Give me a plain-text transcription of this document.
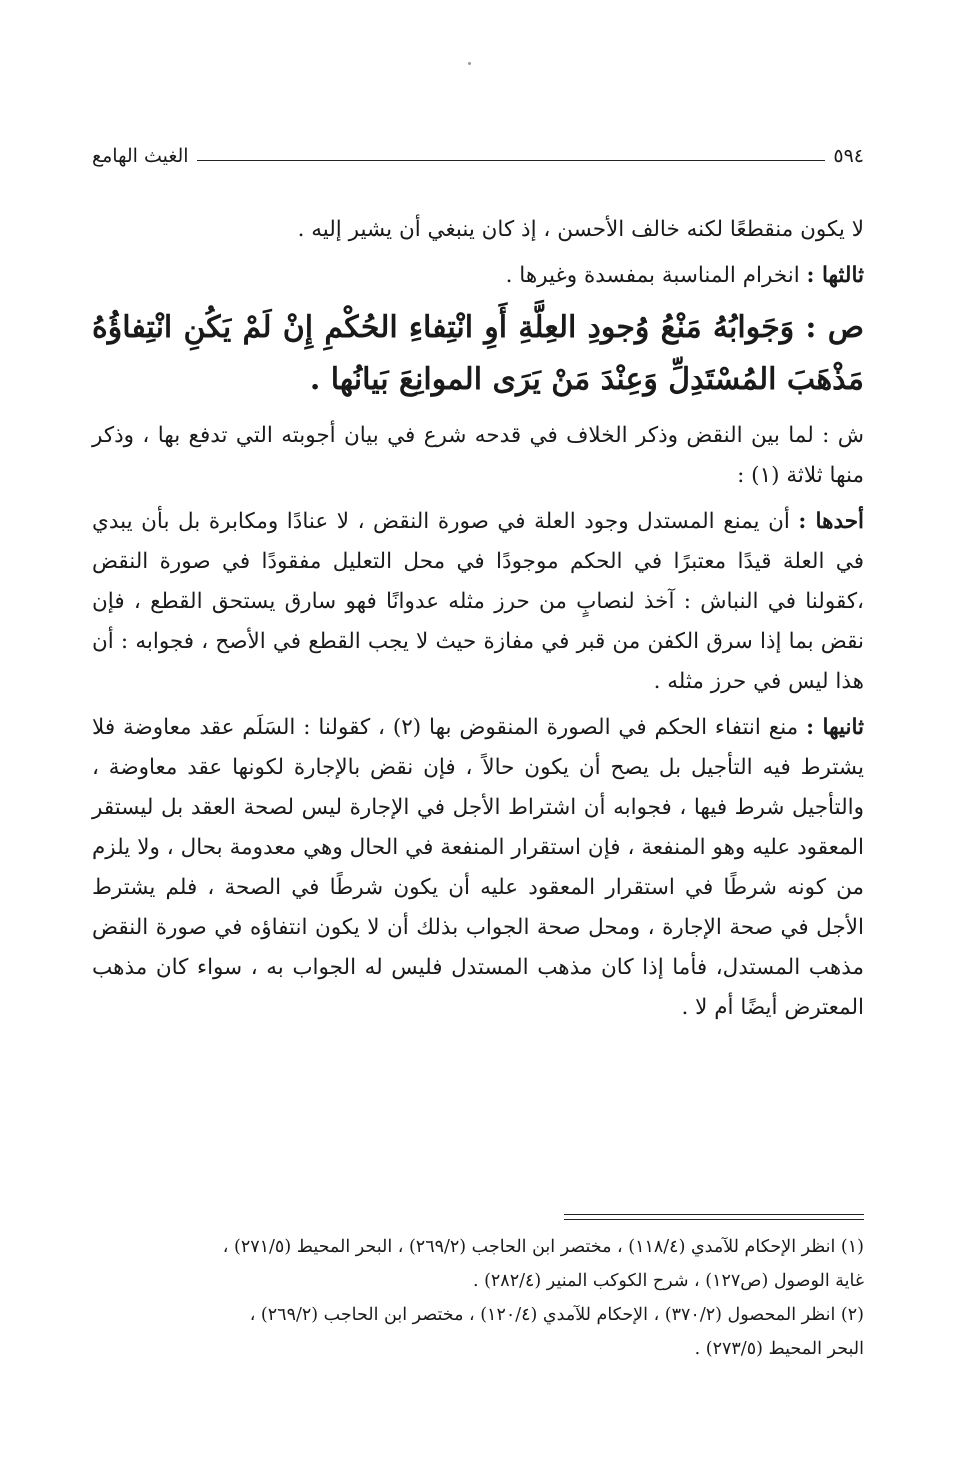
٥٩٤
الغيث الهامع

لا يكون منقطعًا لكنه خالف الأحسن ، إذ كان ينبغي أن يشير إليه .

ثالثها : انخرام المناسبة بمفسدة وغيرها .

ص : وَجَوابُهُ مَنْعُ وُجودِ العِلَّةِ أَوِ انْتِفاءِ الحُكْمِ إِنْ لَمْ يَكُنِ انْتِفاؤُهُ مَذْهَبَ المُسْتَدِلِّ وَعِنْدَ مَنْ يَرَى الموانِعَ بَيانُها .

ش : لما بين النقض وذكر الخلاف في قدحه شرع في بيان أجوبته التي تدفع بها ، وذكر منها ثلاثة (١) :

أحدها : أن يمنع المستدل وجود العلة في صورة النقض ، لا عنادًا ومكابرة بل بأن يبدي في العلة قيدًا معتبرًا في الحكم موجودًا في محل التعليل مفقودًا في صورة النقض ،كقولنا في النباش : آخذ لنصابٍ من حرز مثله عدوانًا فهو سارق يستحق القطع ، فإن نقض بما إذا سرق الكفن من قبر في مفازة حيث لا يجب القطع في الأصح ، فجوابه : أن هذا ليس في حرز مثله .

ثانيها : منع انتفاء الحكم في الصورة المنقوض بها (٢) ، كقولنا : السَلَم عقد معاوضة فلا يشترط فيه التأجيل بل يصح أن يكون حالاً ، فإن نقض بالإجارة لكونها عقد معاوضة ، والتأجيل شرط فيها ، فجوابه أن اشتراط الأجل في الإجارة ليس لصحة العقد بل ليستقر المعقود عليه وهو المنفعة ، فإن استقرار المنفعة في الحال وهي معدومة بحال ، ولا يلزم من كونه شرطًا في استقرار المعقود عليه أن يكون شرطًا في الصحة ، فلم يشترط الأجل في صحة الإجارة ، ومحل صحة الجواب بذلك أن لا يكون انتفاؤه في صورة النقض مذهب المستدل، فأما إذا كان مذهب المستدل فليس له الجواب به ، سواء كان مذهب المعترض أيضًا أم لا .

(١) انظر الإحكام للآمدي (١١٨/٤) ، مختصر ابن الحاجب (٢٦٩/٢) ، البحر المحيط (٢٧١/٥) ،

غاية الوصول (ص١٢٧) ، شرح الكوكب المنير (٢٨٢/٤) .

(٢) انظر المحصول (٣٧٠/٢) ، الإحكام للآمدي (١٢٠/٤) ، مختصر ابن الحاجب (٢٦٩/٢) ،

البحر المحيط (٢٧٣/٥) .
